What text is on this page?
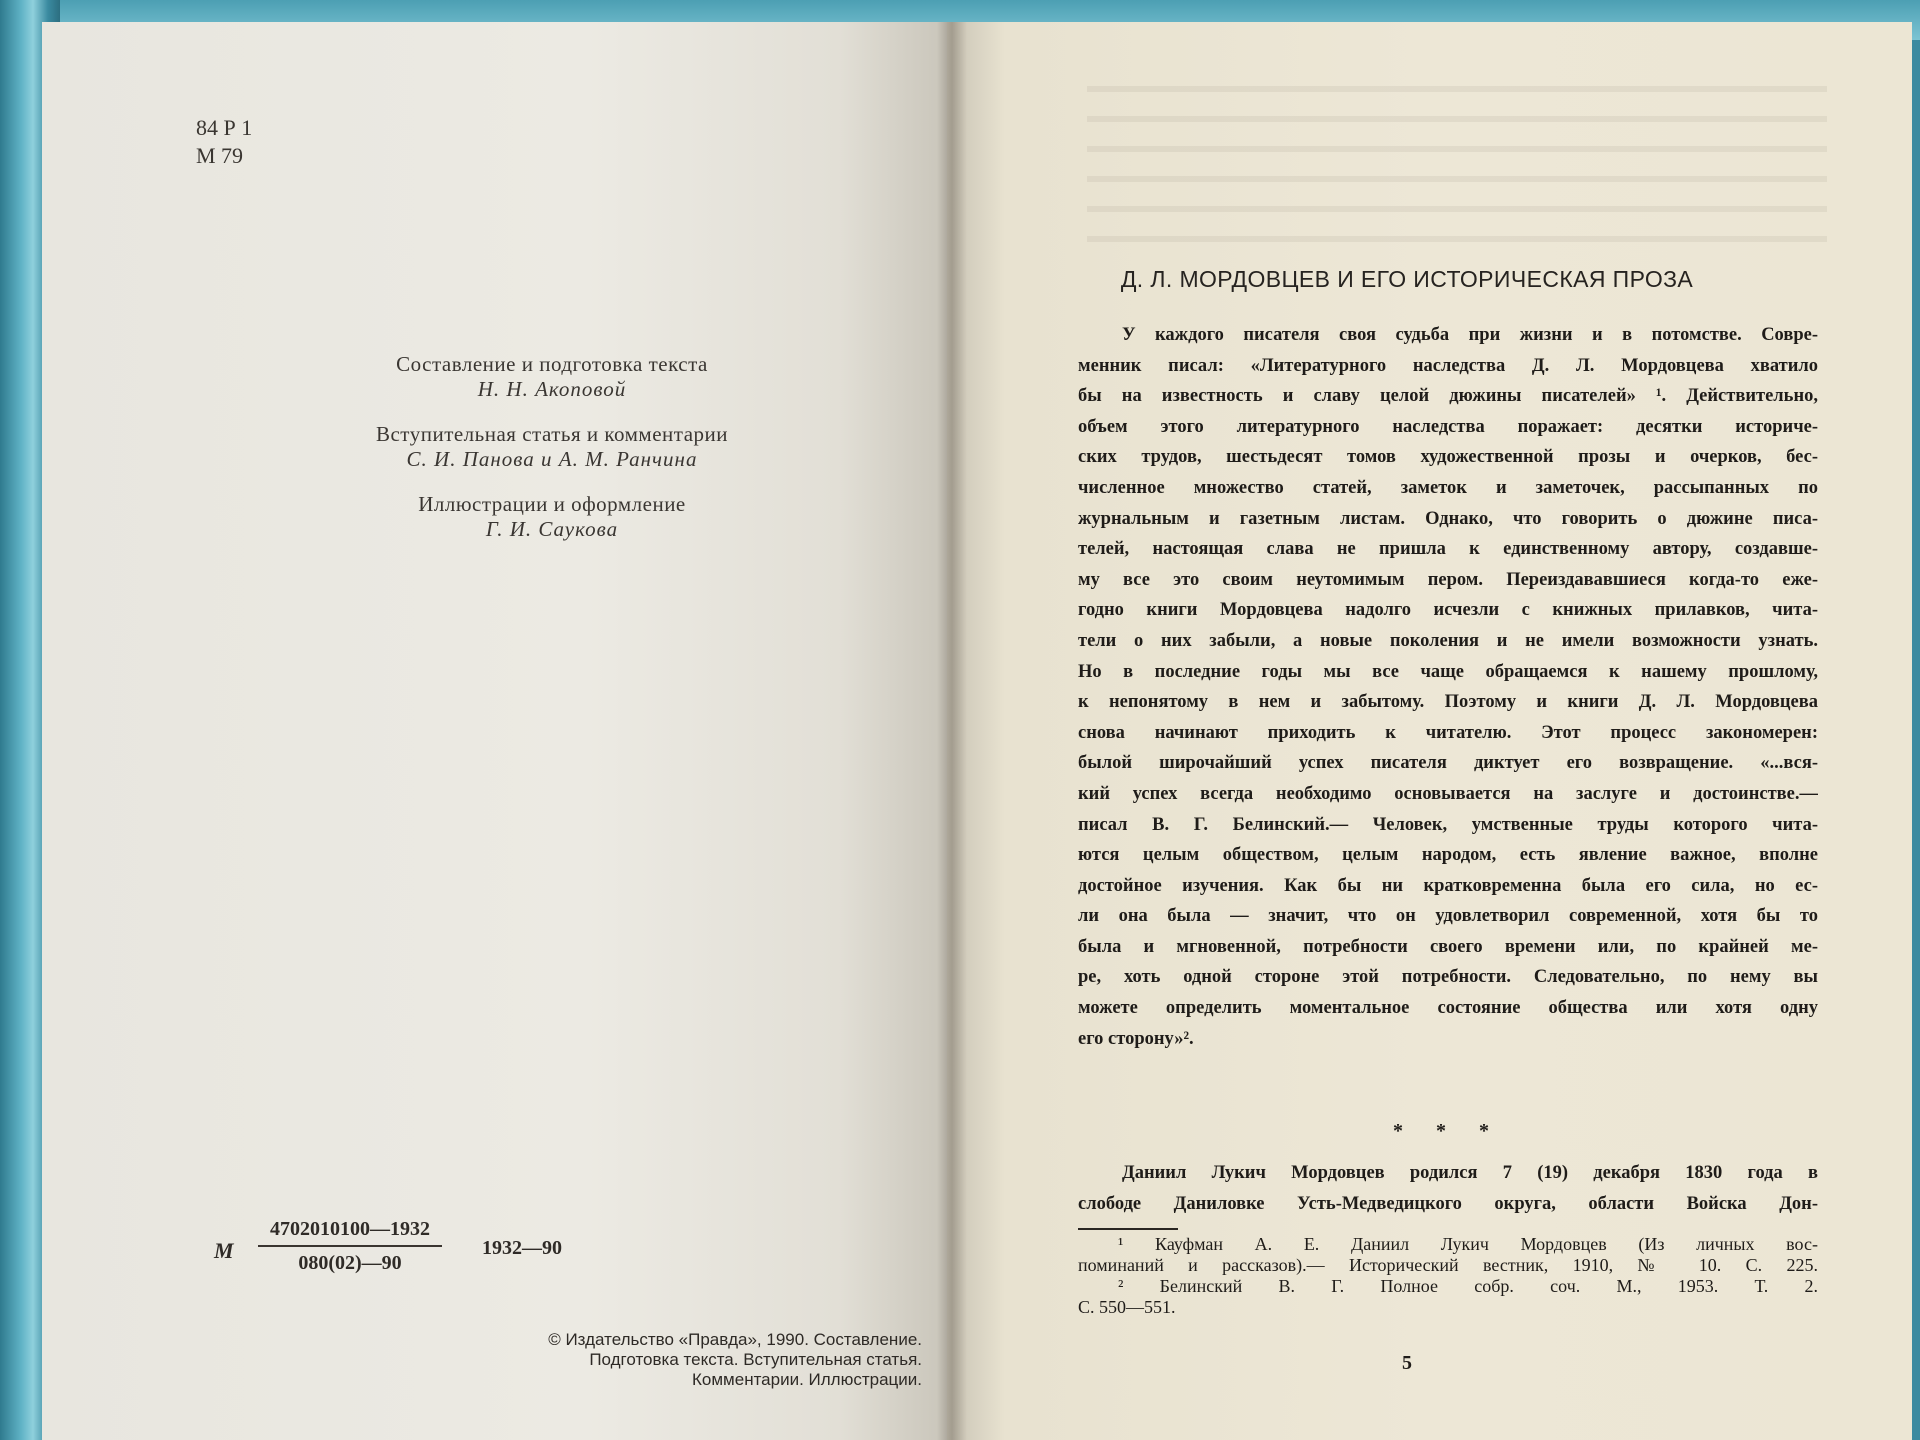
84 Р 1
М 79
Составление и подготовка текста
Н. Н. Акоповой
Вступительная статья и комментарии
С. И. Панова и А. М. Ранчина
Иллюстрации и оформление
Г. И. Саукова
М
4702010100—1932
080(02)—90
1932—90
© Издательство «Правда», 1990. Составление.
Подготовка текста. Вступительная статья.
Комментарии. Иллюстрации.
Д. Л. МОРДОВЦЕВ И ЕГО ИСТОРИЧЕСКАЯ ПРОЗА
У каждого писателя своя судьба при жизни и в потомстве. Совре-
менник писал: «Литературного наследства Д. Л. Мордовцева хватило
бы на известность и славу целой дюжины писателей» ¹. Действительно,
объем этого литературного наследства поражает: десятки историче-
ских трудов, шестьдесят томов художественной прозы и очерков, бес-
численное множество статей, заметок и заметочек, рассыпанных по
журнальным и газетным листам. Однако, что говорить о дюжине писа-
телей, настоящая слава не пришла к единственному автору, создавше-
му все это своим неутомимым пером. Переиздававшиеся когда-то еже-
годно книги Мордовцева надолго исчезли с книжных прилавков, чита-
тели о них забыли, а новые поколения и не имели возможности узнать.
Но в последние годы мы все чаще обращаемся к нашему прошлому,
к непонятому в нем и забытому. Поэтому и книги Д. Л. Мордовцева
снова начинают приходить к читателю. Этот процесс закономерен:
былой широчайший успех писателя диктует его возвращение. «...вся-
кий успех всегда необходимо основывается на заслуге и достоинстве.—
писал В. Г. Белинский.— Человек, умственные труды которого чита-
ются целым обществом, целым народом, есть явление важное, вполне
достойное изучения. Как бы ни кратковременна была его сила, но ес-
ли она была — значит, что он удовлетворил современной, хотя бы то
была и мгновенной, потребности своего времени или, по крайней ме-
ре, хоть одной стороне этой потребности. Следовательно, по нему вы
можете определить моментальное состояние общества или хотя одну
его сторону»².
* * *
Даниил Лукич Мордовцев родился 7 (19) декабря 1830 года в
слободе Даниловке Усть-Медведицкого округа, области Войска Дон-
¹ Кауфман А. Е. Даниил Лукич Мордовцев (Из личных вос-
поминаний и рассказов).— Исторический вестник, 1910, № 10. С. 225.
² Белинский В. Г. Полное собр. соч. М., 1953. Т. 2.
С. 550—551.
5
